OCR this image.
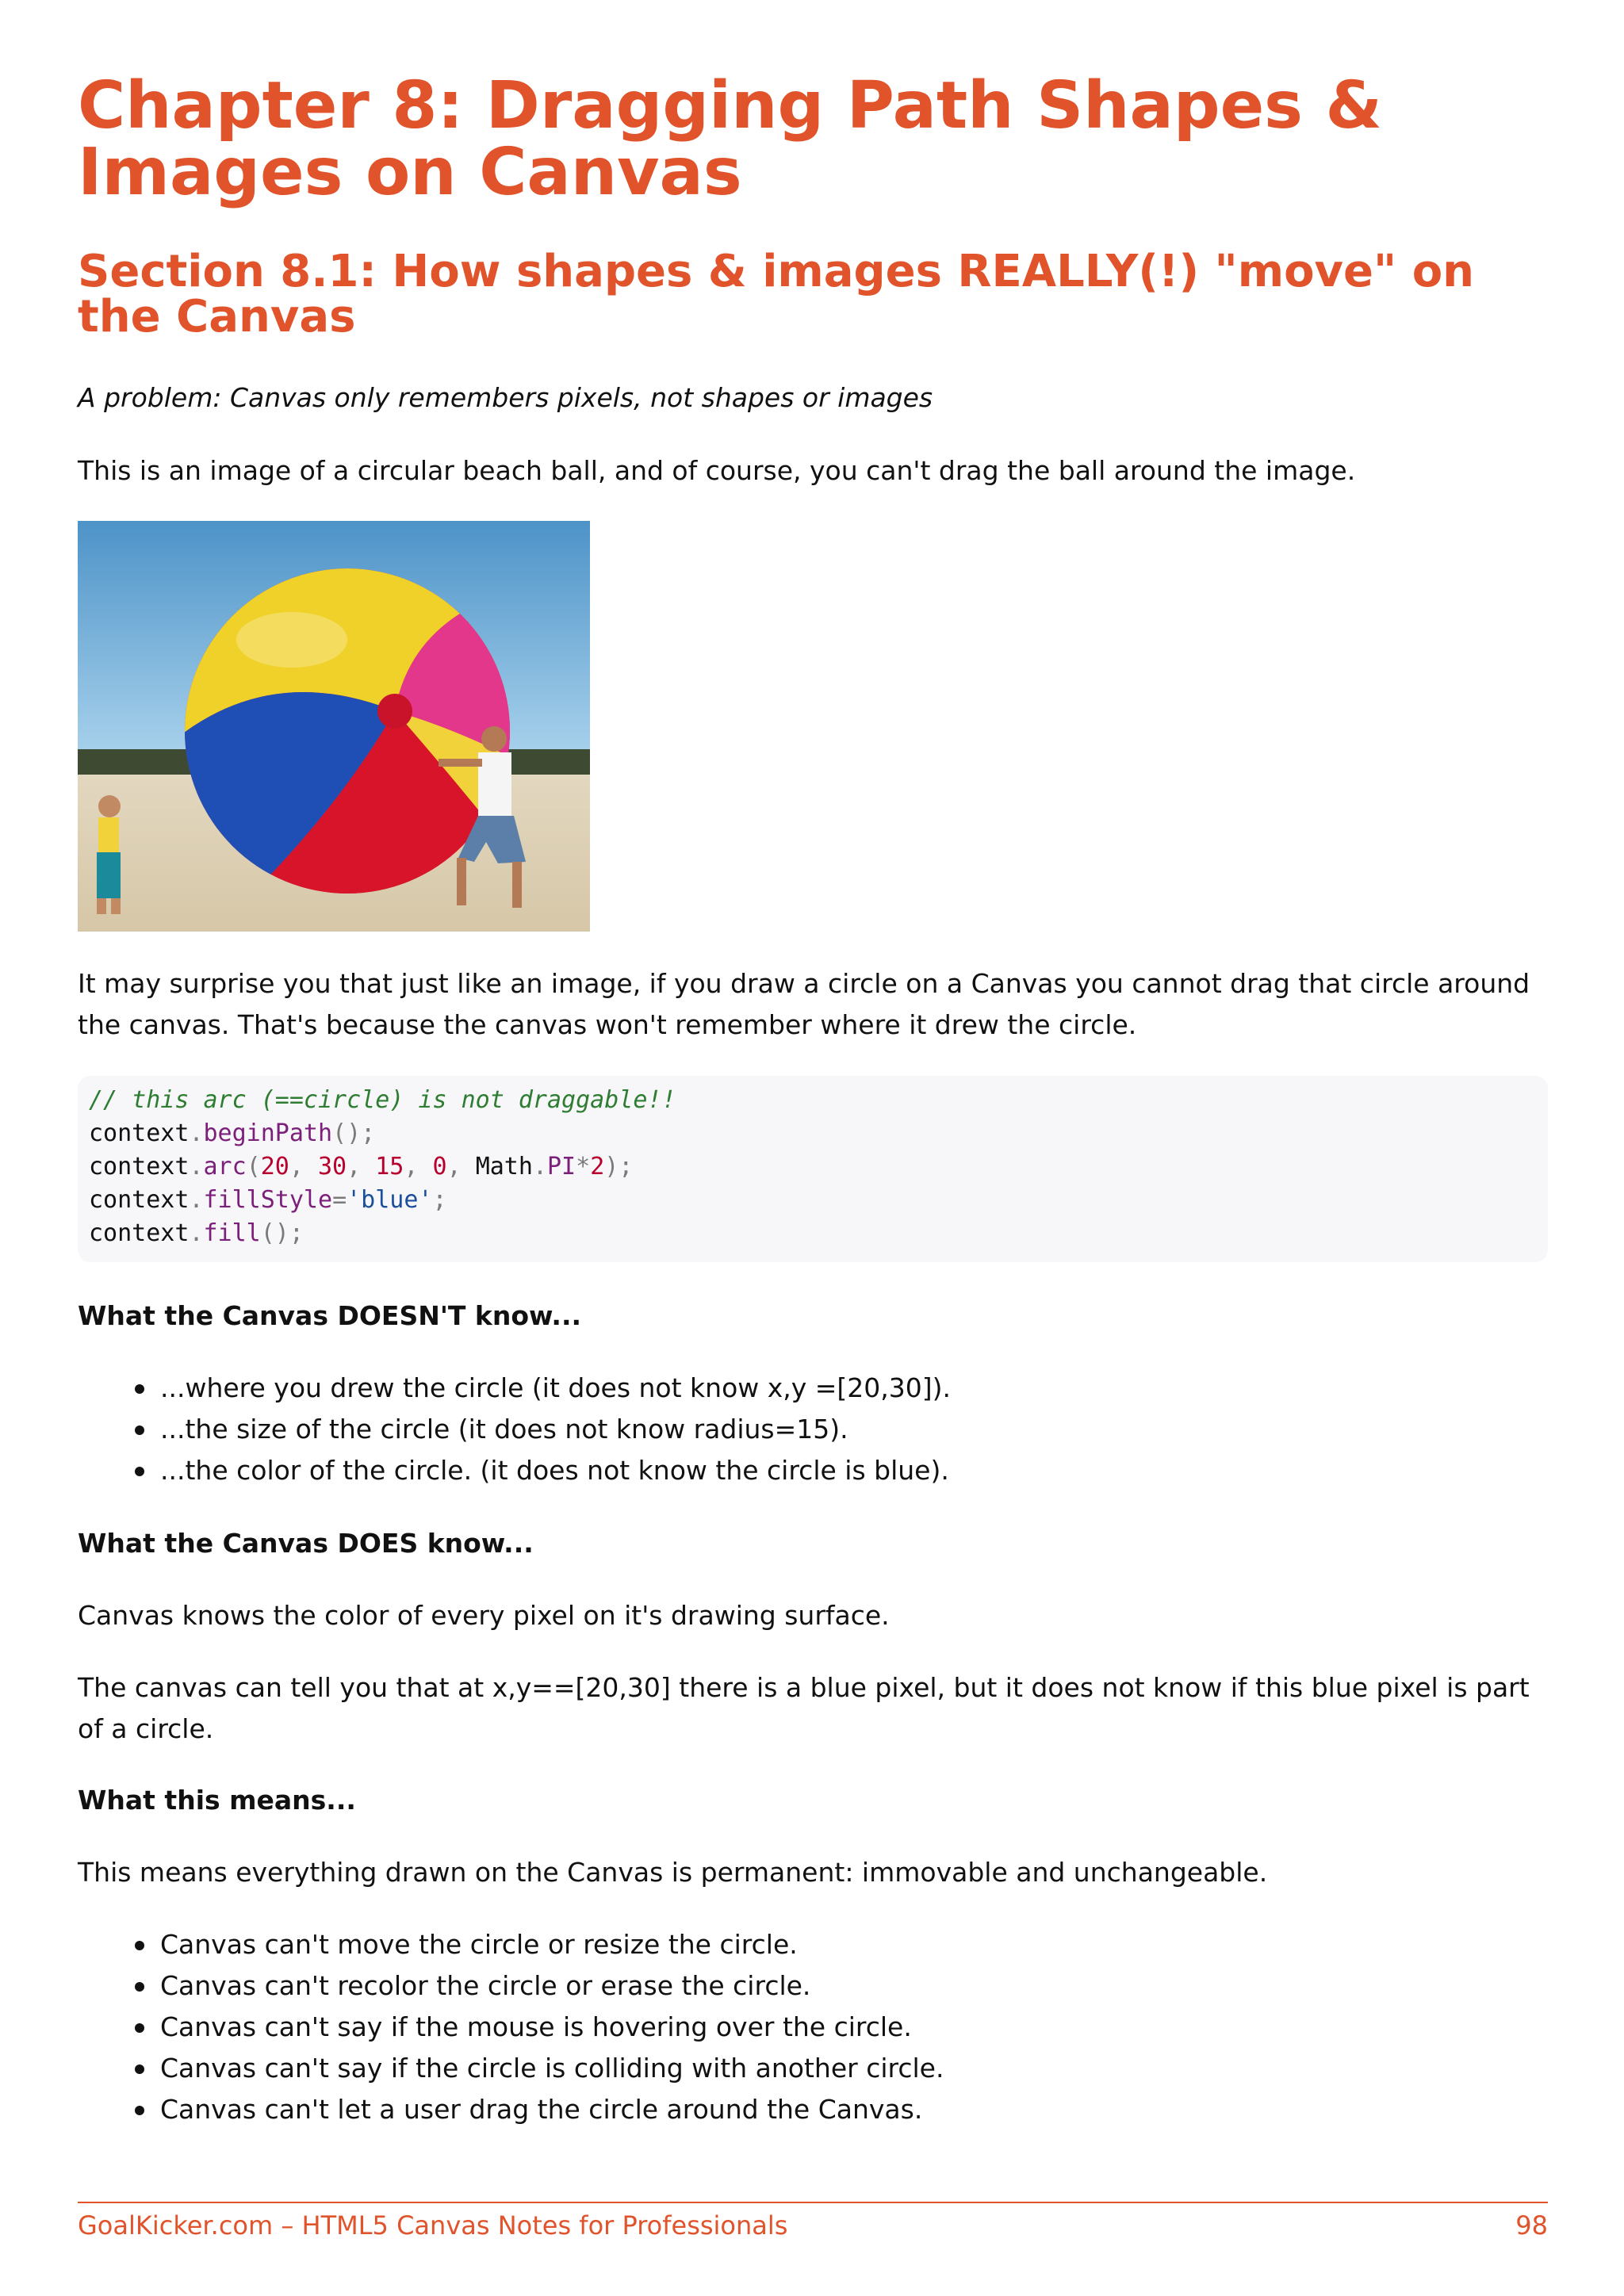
Chapter 8: Dragging Path Shapes & Images on Canvas
Section 8.1: How shapes & images REALLY(!) "move" on the Canvas

A problem: Canvas only remembers pixels, not shapes or images

This is an image of a circular beach ball, and of course, you can't drag the ball around the image.

It may surprise you that just like an image, if you draw a circle on a Canvas you cannot drag that circle around the canvas. That's because the canvas won't remember where it drew the circle.

// this arc (==circle) is not draggable!!
context.beginPath();
context.arc(20, 30, 15, 0, Math.PI*2);
context.fillStyle='blue';
context.fill();

What the Canvas DOESN'T know...

...where you drew the circle (it does not know x,y =[20,30]).
...the size of the circle (it does not know radius=15).
...the color of the circle. (it does not know the circle is blue).

What the Canvas DOES know...

Canvas knows the color of every pixel on it's drawing surface.

The canvas can tell you that at x,y==[20,30] there is a blue pixel, but it does not know if this blue pixel is part of a circle.

What this means...

This means everything drawn on the Canvas is permanent: immovable and unchangeable.

Canvas can't move the circle or resize the circle.
Canvas can't recolor the circle or erase the circle.
Canvas can't say if the mouse is hovering over the circle.
Canvas can't say if the circle is colliding with another circle.
Canvas can't let a user drag the circle around the Canvas.
GoalKicker.com – HTML5 Canvas Notes for Professionals	98
